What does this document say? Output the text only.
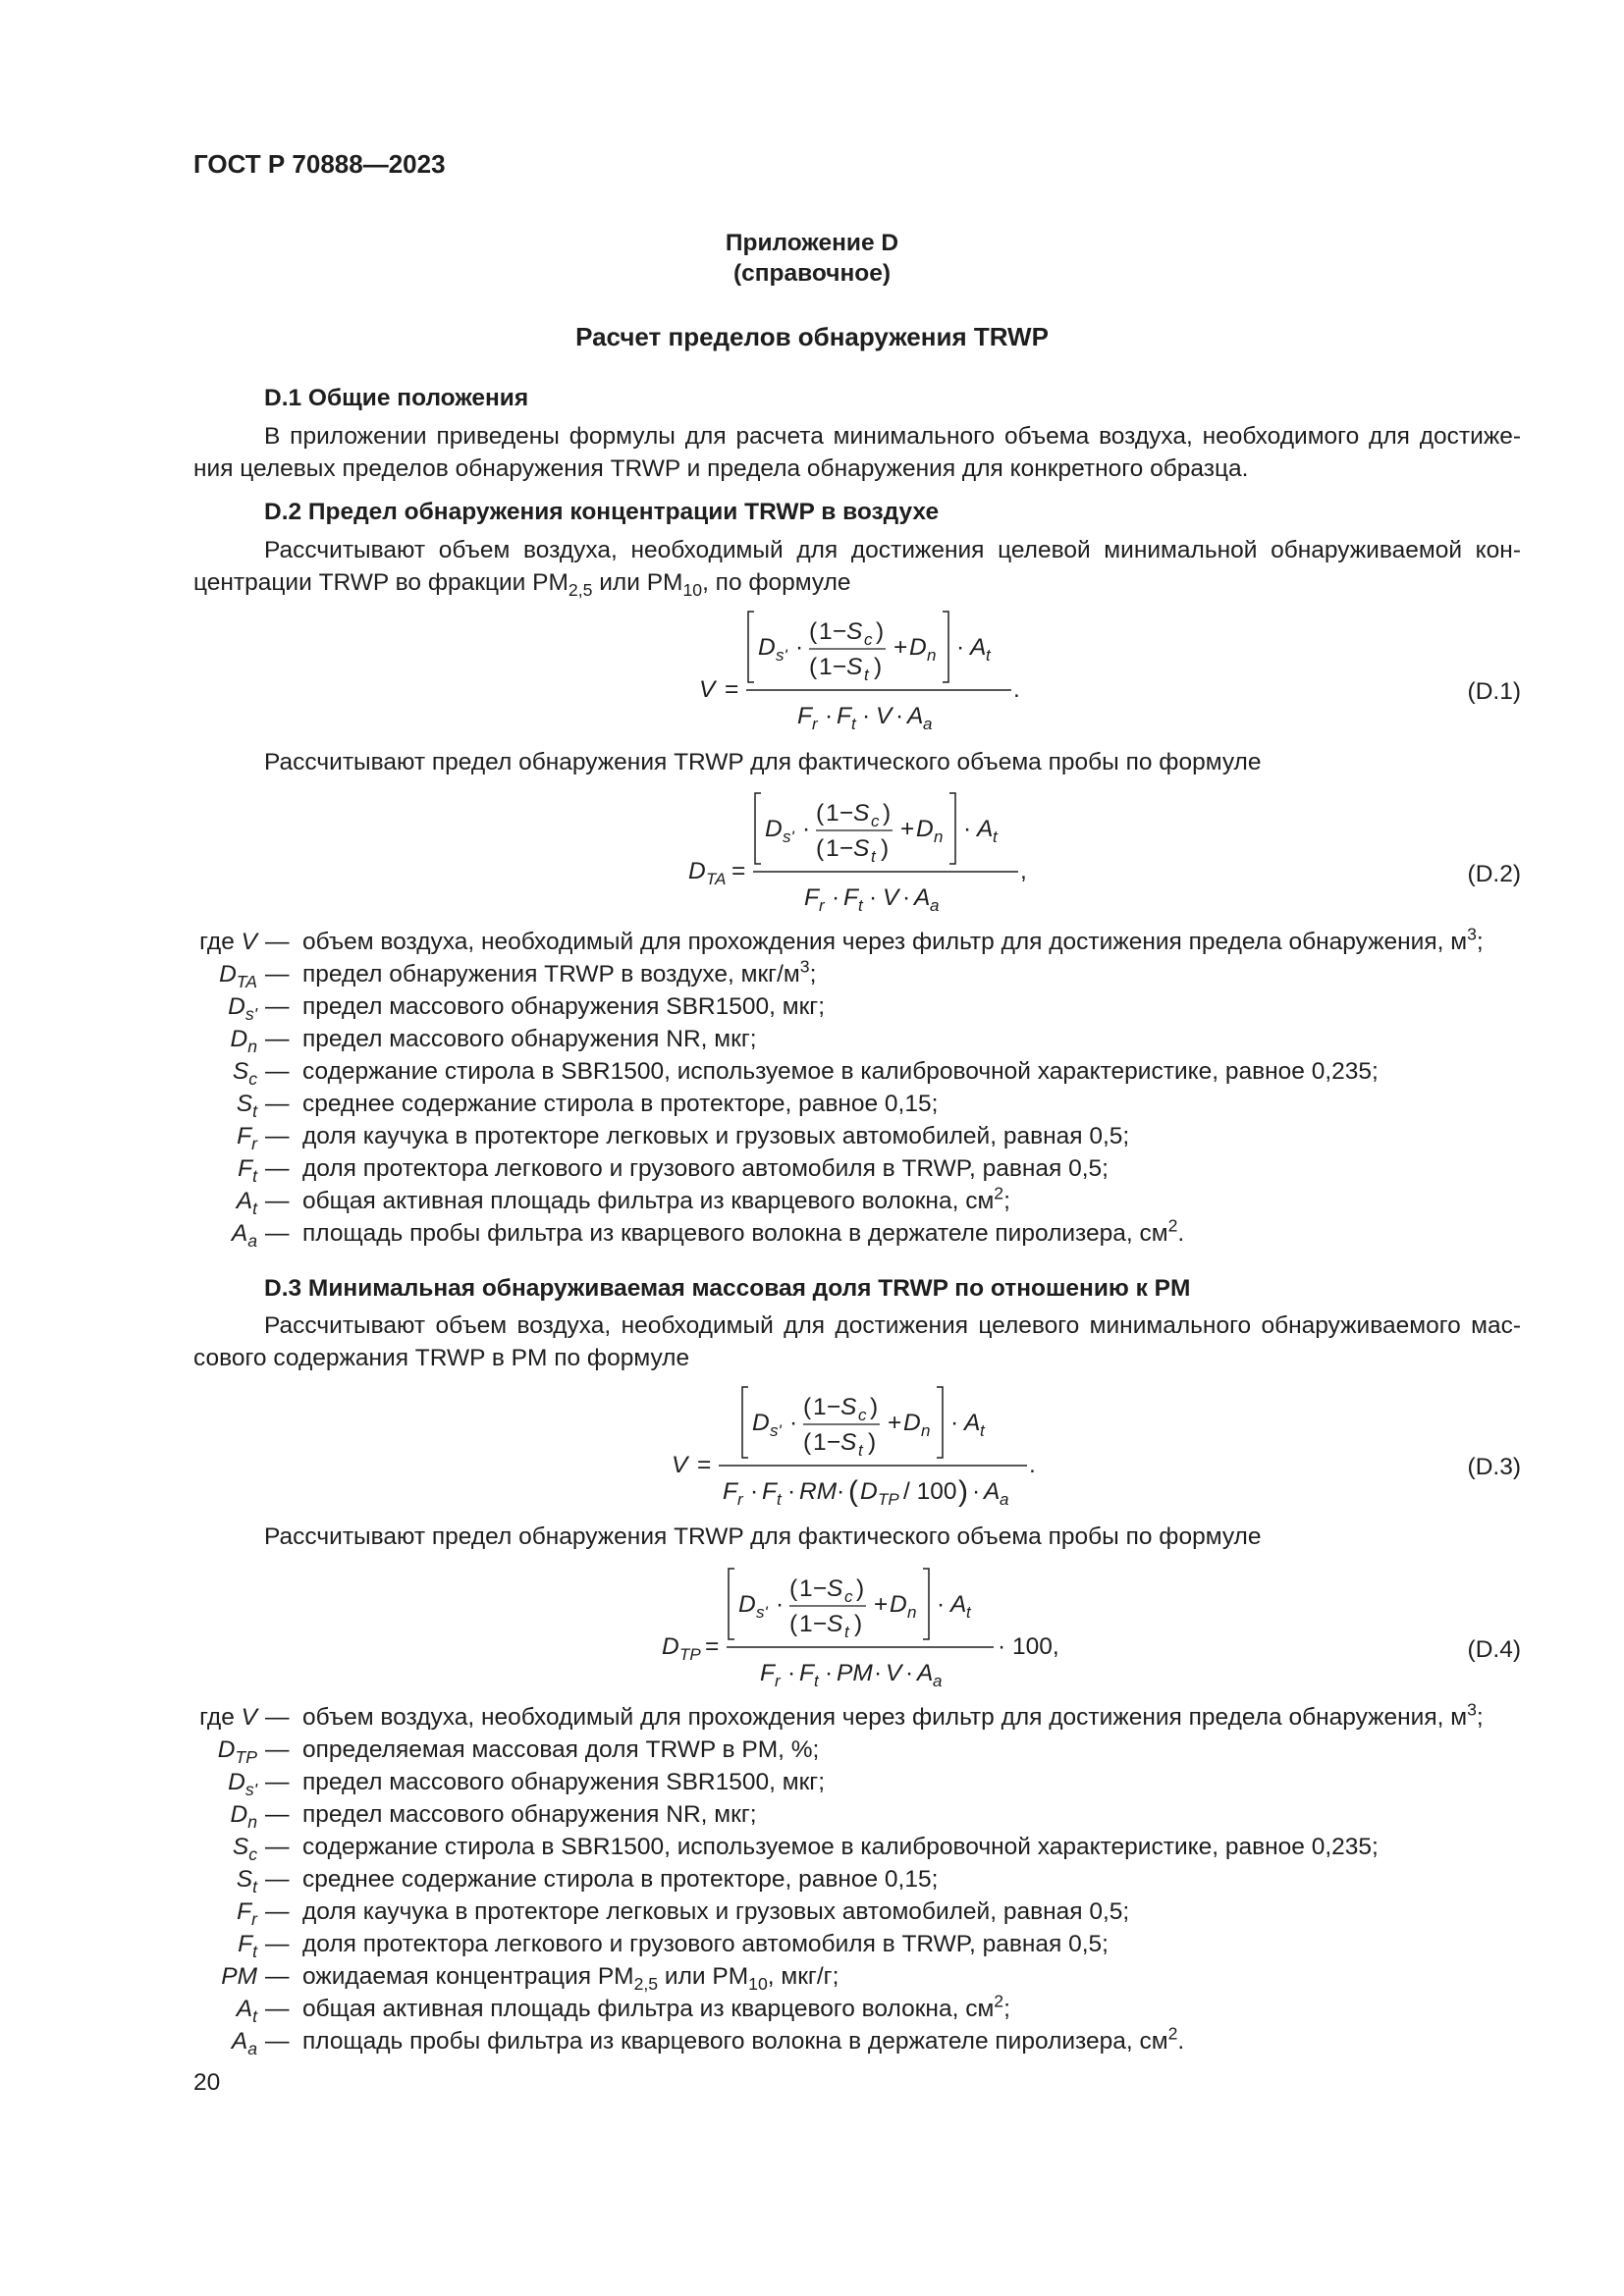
ГОСТ Р 70888—2023
Приложение D
(справочное)
Расчет пределов обнаружения TRWP
D.1 Общие положения
В приложении приведены формулы для расчета минимального объема воздуха, необходимого для достиже-ния целевых пределов обнаружения TRWP и предела обнаружения для конкретного образца.
D.2 Предел обнаружения концентрации TRWP в воздухе
Рассчитывают объем воздуха, необходимый для достижения целевой минимальной обнаруживаемой кон-центрации TRWP во фракции $PM_{2,5}$ или $PM_{10}$, по формуле
V =	.
D s' ·
( 1 − S c )
( 1 − S t )
+ D n · A t
F r · F t · V · A a
(D.1)
Рассчитывают предел обнаружения TRWP для фактического объема пробы по формуле
D TA =	,
D s' ·
( 1 − S c )
( 1 − S t )
+ D n · A t
F r · F t · V · A a
(D.2)
где V — объем воздуха, необходимый для прохождения через фильтр для достижения предела обнаружения, $м^3$;
$D_{TA}$ — предел обнаружения TRWP в воздухе, мкг/$м^3$;
$D_{s'}$ — предел массового обнаружения SBR1500, мкг;
$D_n$ — предел массового обнаружения NR, мкг;
$S_c$ — содержание стирола в SBR1500, используемое в калибровочной характеристике, равное 0,235;
$S_t$ — среднее содержание стирола в протекторе, равное 0,15;
$F_r$ — доля каучука в протекторе легковых и грузовых автомобилей, равная 0,5;
$F_t$ — доля протектора легкового и грузового автомобиля в TRWP, равная 0,5;
$A_t$ — общая активная площадь фильтра из кварцевого волокна, $см^2$;
$A_a$ — площадь пробы фильтра из кварцевого волокна в держателе пиролизера, $см^2$.
D.3 Минимальная обнаруживаемая массовая доля TRWP по отношению к PM
Рассчитывают объем воздуха, необходимый для достижения целевого минимального обнаруживаемого мас-сового содержания TRWP в PM по формуле
V =	.
D s' ·
( 1 − S c )
( 1 − S t )
+ D n · A t
F r · F t · RM · ( D TP / 100 ) · A a
(D.3)
Рассчитывают предел обнаружения TRWP для фактического объема пробы по формуле
D TP =	· 100,
D s' ·
( 1 − S c )
( 1 − S t )
+ D n · A t
F r · F t · PM · V · A a
(D.4)
где V — объем воздуха, необходимый для прохождения через фильтр для достижения предела обнаружения, $м^3$;
$D_{TP}$ — определяемая массовая доля TRWP в PM, %;
$D_{s'}$ — предел массового обнаружения SBR1500, мкг;
$D_n$ — предел массового обнаружения NR, мкг;
$S_c$ — содержание стирола в SBR1500, используемое в калибровочной характеристике, равное 0,235;
$S_t$ — среднее содержание стирола в протекторе, равное 0,15;
$F_r$ — доля каучука в протекторе легковых и грузовых автомобилей, равная 0,5;
$F_t$ — доля протектора легкового и грузового автомобиля в TRWP, равная 0,5;
PM — ожидаемая концентрация $PM_{2,5}$ или $PM_{10}$, мкг/г;
$A_t$ — общая активная площадь фильтра из кварцевого волокна, $см^2$;
$A_a$ — площадь пробы фильтра из кварцевого волокна в держателе пиролизера, $см^2$.
20
